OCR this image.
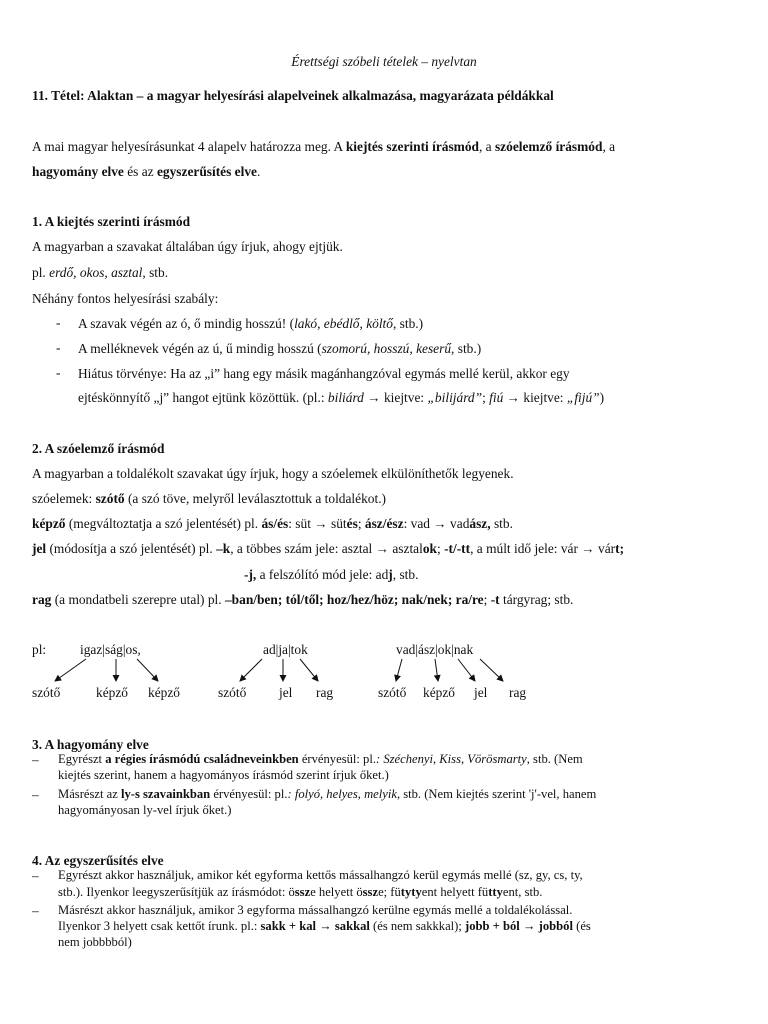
Érettségi szóbeli tételek – nyelvtan
11. Tétel: Alaktan – a magyar helyesírási alapelveinek alkalmazása, magyarázata példákkal
A mai magyar helyesírásunkat 4 alapelv határozza meg. A kiejtés szerinti írásmód, a szóelemző írásmód, a
hagyomány elve és az egyszerűsítés elve.
1. A kiejtés szerinti írásmód
A magyarban a szavakat általában úgy írjuk, ahogy ejtjük.
pl. erdő, okos, asztal, stb.
Néhány fontos helyesírási szabály:
- A szavak végén az ó, ő mindig hosszú! (lakó, ebédlő, költő, stb.)
- A melléknevek végén az ú, ű mindig hosszú (szomorú, hosszú, keserű, stb.)
- Hiátus törvénye: Ha az „i” hang egy másik magánhangzóval egymás mellé kerül, akkor egy
ejtéskönnyítő „j” hangot ejtünk közöttük. (pl.: biliárd → kiejtve: „bilijárd”; fiú → kiejtve: „fijú”)
2. A szóelemző írásmód
A magyarban a toldalékolt szavakat úgy írjuk, hogy a szóelemek elkülöníthetők legyenek.
szóelemek: szótő (a szó töve, melyről leválasztottuk a toldalékot.)
képző (megváltoztatja a szó jelentését) pl. ás/és: süt → sütés; ász/ész: vad → vadász, stb.
jel (módosítja a szó jelentését) pl. –k, a többes szám jele: asztal → asztalok; -t/-tt, a múlt idő jele: vár → várt;
-j, a felszólító mód jele: adj, stb.
rag (a mondatbeli szerepre utal) pl. –ban/ben; tól/től; hoz/hez/höz; nak/nek; ra/re; -t tárgyrag; stb.
pl:	igaz|ság|os,	ad|ja|tok	vad|ász|ok|nak
szótő	képző képző	szótő jel rag	szótő képző jel rag
3. A hagyomány elve
– Egyrészt a régies írásmódú családneveinkben érvényesül: pl.: Széchenyi, Kiss, Vörösmarty, stb. (Nem
kiejtés szerint, hanem a hagyományos írásmód szerint írjuk őket.)
– Másrészt az ly-s szavainkban érvényesül: pl.: folyó, helyes, melyik, stb. (Nem kiejtés szerint 'j'-vel, hanem
hagyományosan ly-vel írjuk őket.)
4. Az egyszerűsítés elve
– Egyrészt akkor használjuk, amikor két egyforma kettős mássalhangzó kerül egymás mellé (sz, gy, cs, ty,
stb.). Ilyenkor leegyszerűsítjük az írásmódot: össze helyett össze; fütytyent helyett füttyent, stb.
– Másrészt akkor használjuk, amikor 3 egyforma mássalhangzó kerülne egymás mellé a toldalékolással.
Ilyenkor 3 helyett csak kettőt írunk. pl.: sakk + kal → sakkal (és nem sakkkal); jobb + ból → jobból (és
nem jobbbból)
